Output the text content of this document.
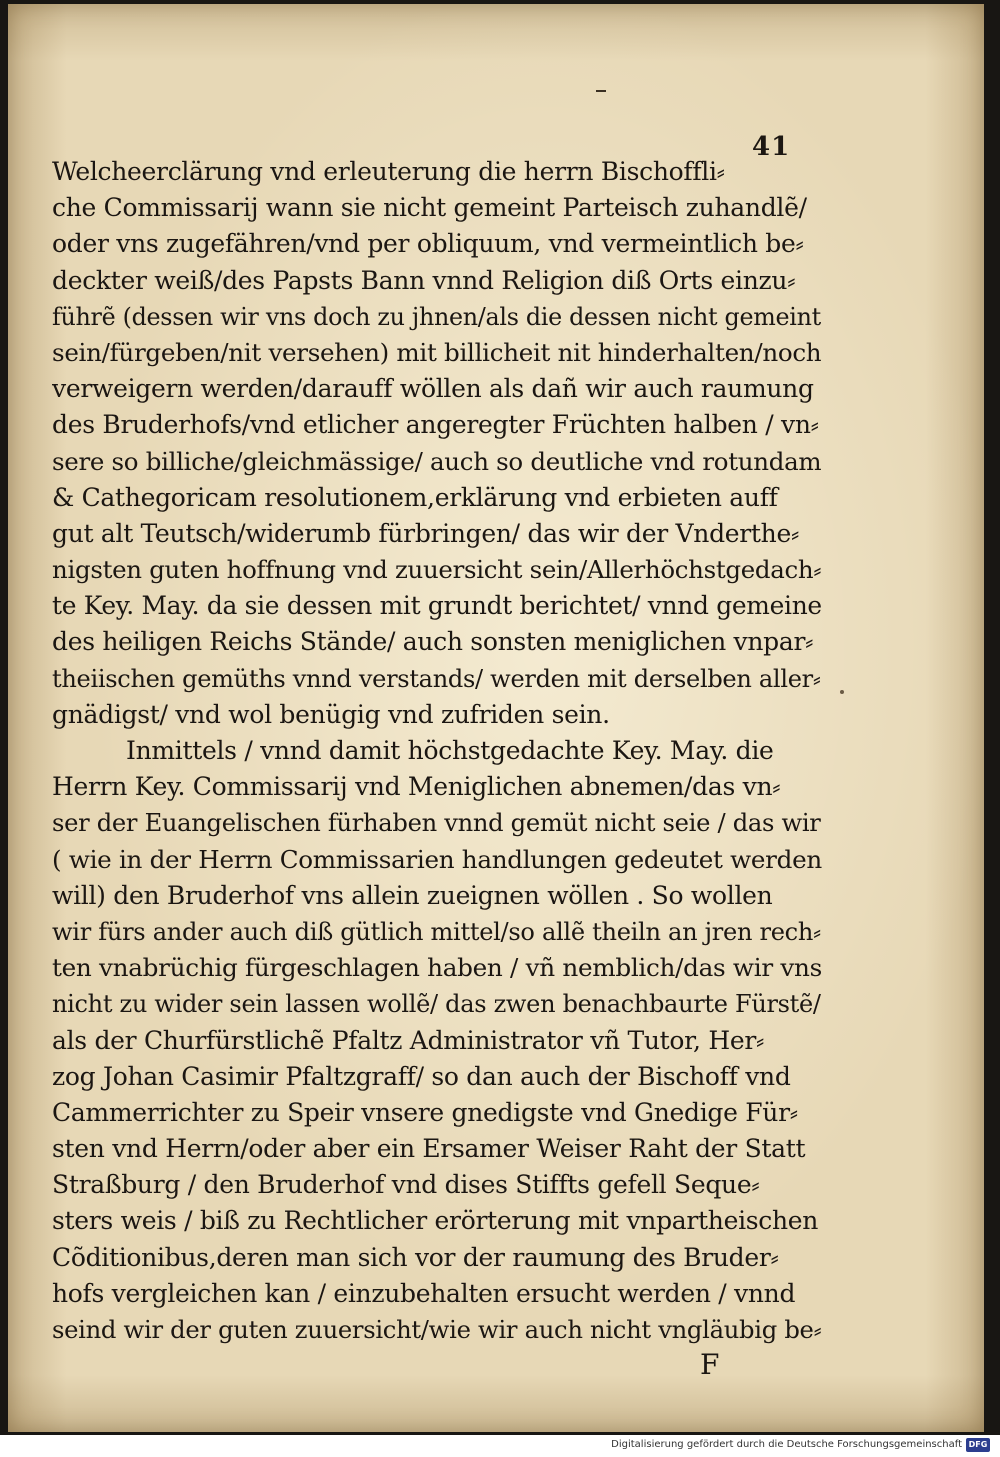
41
Welcheerclärung vnd erleuterung die herrn Bischoffli⸗
che Commissarij wann sie nicht gemeint Parteisch zuhandlẽ/
oder vns zugefähren/vnd per obliquum, vnd vermeintlich be⸗
deckter weiß/des Papsts Bann vnnd Religion diß Orts einzu⸗
führẽ (dessen wir vns doch zu jhnen/als die dessen nicht gemeint
sein/fürgeben/nit versehen) mit billicheit nit hinderhalten/noch
verweigern werden/darauff wöllen als dañ wir auch raumung
des Bruderhofs/vnd etlicher angeregter Früchten halben / vn⸗
sere so billiche/gleichmässige/ auch so deutliche vnd rotundam
& Cathegoricam resolutionem,erklärung vnd erbieten auff
gut alt Teutsch/widerumb fürbringen/ das wir der Vnderthe⸗
nigsten guten hoffnung vnd zuuersicht sein/Allerhöchstgedach⸗
te Key. May. da sie dessen mit grundt berichtet/ vnnd gemeine
des heiligen Reichs Stände/ auch sonsten meniglichen vnpar⸗
theiischen gemüths vnnd verstands/ werden mit derselben aller⸗
gnädigst/ vnd wol benügig vnd zufriden sein.
Inmittels / vnnd damit höchstgedachte Key. May. die
Herrn Key. Commissarij vnd Meniglichen abnemen/das vn⸗
ser der Euangelischen fürhaben vnnd gemüt nicht seie / das wir
( wie in der Herrn Commissarien handlungen gedeutet werden
will) den Bruderhof vns allein zueignen wöllen . So wollen
wir fürs ander auch diß gütlich mittel/so allẽ theiln an jren rech⸗
ten vnabrüchig fürgeschlagen haben / vñ nemblich/das wir vns
nicht zu wider sein lassen wollẽ/ das zwen benachbaurte Fürstẽ/
als der Churfürstlichẽ Pfaltz Administrator vñ Tutor, Her⸗
zog Johan Casimir Pfaltzgraff/ so dan auch der Bischoff vnd
Cammerrichter zu Speir vnsere gnedigste vnd Gnedige Für⸗
sten vnd Herrn/oder aber ein Ersamer Weiser Raht der Statt
Straßburg / den Bruderhof vnd dises Stiffts gefell Seque⸗
sters weis / biß zu Rechtlicher erörterung mit vnpartheischen
Cõditionibus,deren man sich vor der raumung des Bruder⸗
hofs vergleichen kan / einzubehalten ersucht werden / vnnd
seind wir der guten zuuersicht/wie wir auch nicht vngläubig be⸗
F
Digitalisierung gefördert durch die Deutsche Forschungsgemeinschaft DFG
